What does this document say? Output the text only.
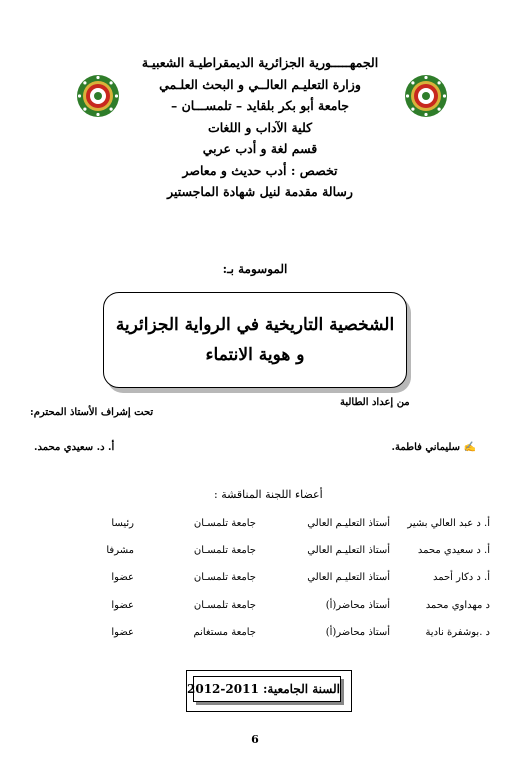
الجمهـــــورية الجزائرية الديمقراطيـة الشعبيـة
وزارة التعليـم العالــي و البحث العلـمي
جامعة أبو بكر بلقايد – تلمســـان –
كلية الآداب و اللغات
قسم لغة و أدب عربي
تخصص : أدب حديث و معاصر
رسالة مقدمة لنيل شهادة الماجستير
الموسومة بـ:
الشخصية التاريخية في الرواية الجزائرية
و هوية الانتماء
من إعداد الطالبة
تحت إشراف الأستاذ المحترم:
✍ سليماني فاطمة.
أ. د. سعيدي محمد.
أعضاء اللجنة المناقشة :
أ. د عبد العالي بشير
أستاذ التعليـم العالي
جامعة تلمسـان
رئيسا
أ. د سعيدي محمد
أستاذ التعليـم العالي
جامعة تلمسـان
مشرفا
أ. د دكار أحمد
أستاذ التعليـم العالي
جامعة تلمسـان
عضوا
د مهداوي محمد
أستاذ محاضر(أ)
جامعة تلمسـان
عضوا
د .بوشفرة نادية
أستاذ محاضر(أ)
جامعة مستغانم
عضوا
السنة الجامعية: 2011-2012
6
